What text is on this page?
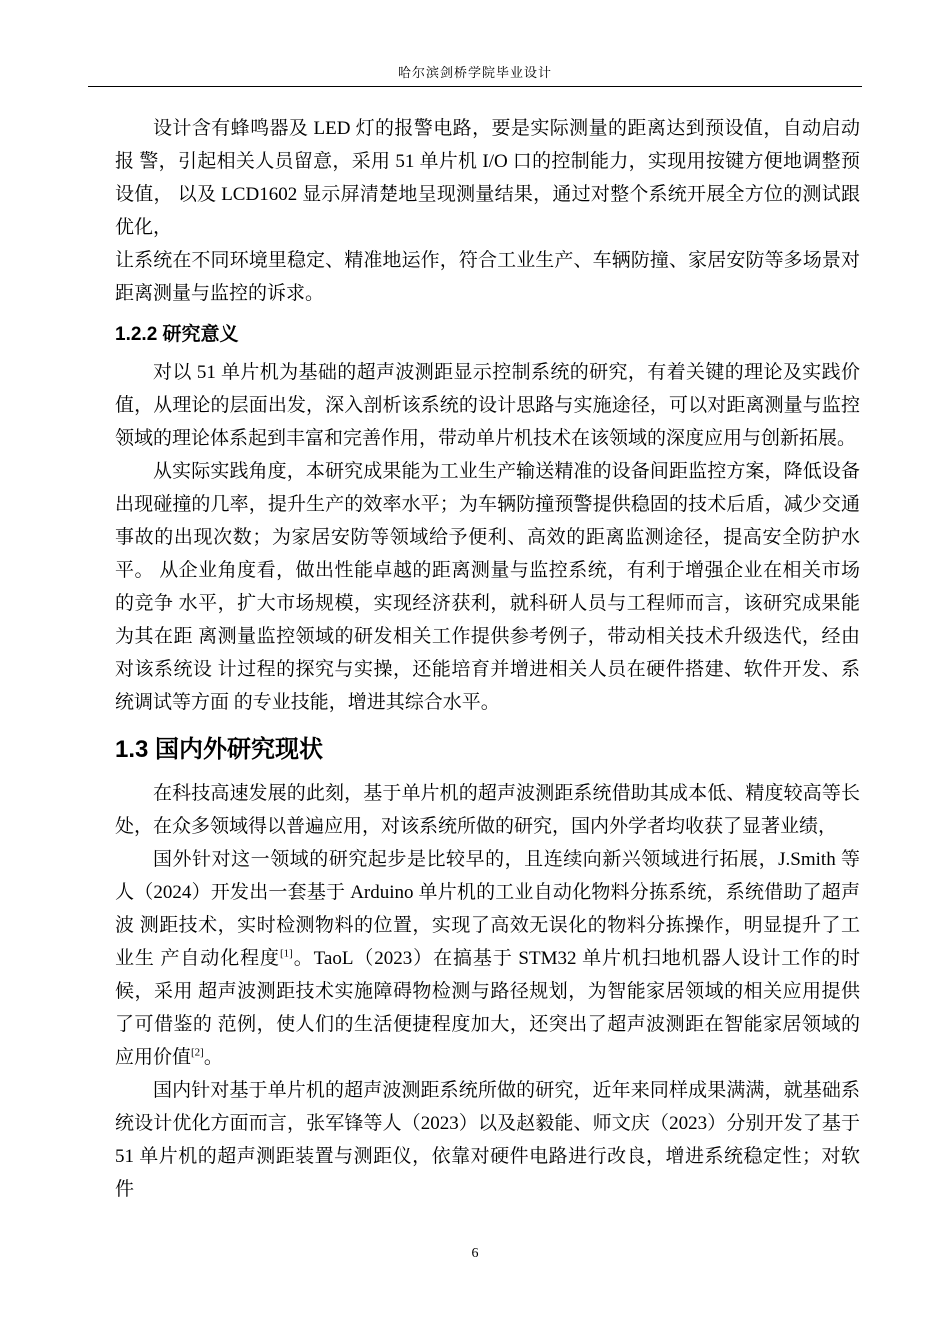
哈尔滨剑桥学院毕业设计

设计含有蜂鸣器及 LED 灯的报警电路，要是实际测量的距离达到预设值，自动启动报 警，引起相关人员留意，采用 51 单片机 I/O 口的控制能力，实现用按键方便地调整预设值， 以及 LCD1602 显示屏清楚地呈现测量结果，通过对整个系统开展全方位的测试跟优化，

让系统在不同环境里稳定、精准地运作，符合工业生产、车辆防撞、家居安防等多场景对距离测量与监控的诉求。

1.2.2 研究意义

对以 51 单片机为基础的超声波测距显示控制系统的研究，有着关键的理论及实践价值，从理论的层面出发，深入剖析该系统的设计思路与实施途径，可以对距离测量与监控领域的理论体系起到丰富和完善作用，带动单片机技术在该领域的深度应用与创新拓展。

从实际实践角度，本研究成果能为工业生产输送精准的设备间距监控方案，降低设备出现碰撞的几率，提升生产的效率水平；为车辆防撞预警提供稳固的技术后盾，减少交通事故的出现次数；为家居安防等领域给予便利、高效的距离监测途径，提高安全防护水平。 从企业角度看，做出性能卓越的距离测量与监控系统，有利于增强企业在相关市场的竞争 水平，扩大市场规模，实现经济获利，就科研人员与工程师而言，该研究成果能为其在距 离测量监控领域的研发相关工作提供参考例子，带动相关技术升级迭代，经由对该系统设 计过程的探究与实操，还能培育并增进相关人员在硬件搭建、软件开发、系统调试等方面 的专业技能，增进其综合水平。

1.3 国内外研究现状

在科技高速发展的此刻，基于单片机的超声波测距系统借助其成本低、精度较高等长处，在众多领域得以普遍应用，对该系统所做的研究，国内外学者均收获了显著业绩，

国外针对这一领域的研究起步是比较早的，且连续向新兴领域进行拓展，J.Smith 等人（2024）开发出一套基于 Arduino 单片机的工业自动化物料分拣系统，系统借助了超声波 测距技术，实时检测物料的位置，实现了高效无误化的物料分拣操作，明显提升了工业生 产自动化程度[1]。TaoL（2023）在搞基于 STM32 单片机扫地机器人设计工作的时候，采用 超声波测距技术实施障碍物检测与路径规划，为智能家居领域的相关应用提供了可借鉴的 范例，使人们的生活便捷程度加大，还突出了超声波测距在智能家居领域的应用价值[2]。

国内针对基于单片机的超声波测距系统所做的研究，近年来同样成果满满，就基础系统设计优化方面而言，张军锋等人（2023）以及赵毅能、师文庆（2023）分别开发了基于51 单片机的超声测距装置与测距仪，依靠对硬件电路进行改良，增进系统稳定性；对软件

6
